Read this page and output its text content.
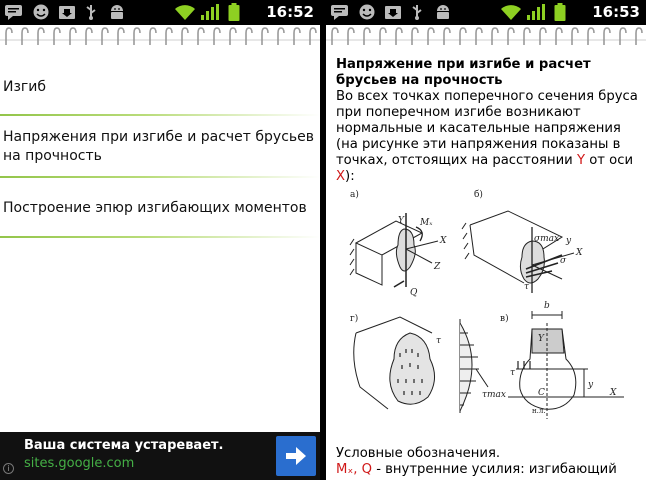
16:52
Изгиб
Напряжения при изгибе и расчет брусьев на прочность
Построение эпюр изгибающих моментов
Ваша система устаревает.
sites.google.com
i
16:53
Напряжение при изгибе и расчет брусьев на прочность
Во всех точках поперечного сечения бруса при поперечном изгибе возникают нормальные и касательные напряжения (на рисунке эти напряжения показаны в точках, отстоящих на расстоянии Y от оси X):
а)
Y Mₓ
X
Z
Q
б)
σmax
σ
X
y
τ
г)
τ
τmax
в)
b
Y
X
y
τ
C
н.л.
Условные обозначения.
Mₓ, Q - внутренние усилия: изгибающий
